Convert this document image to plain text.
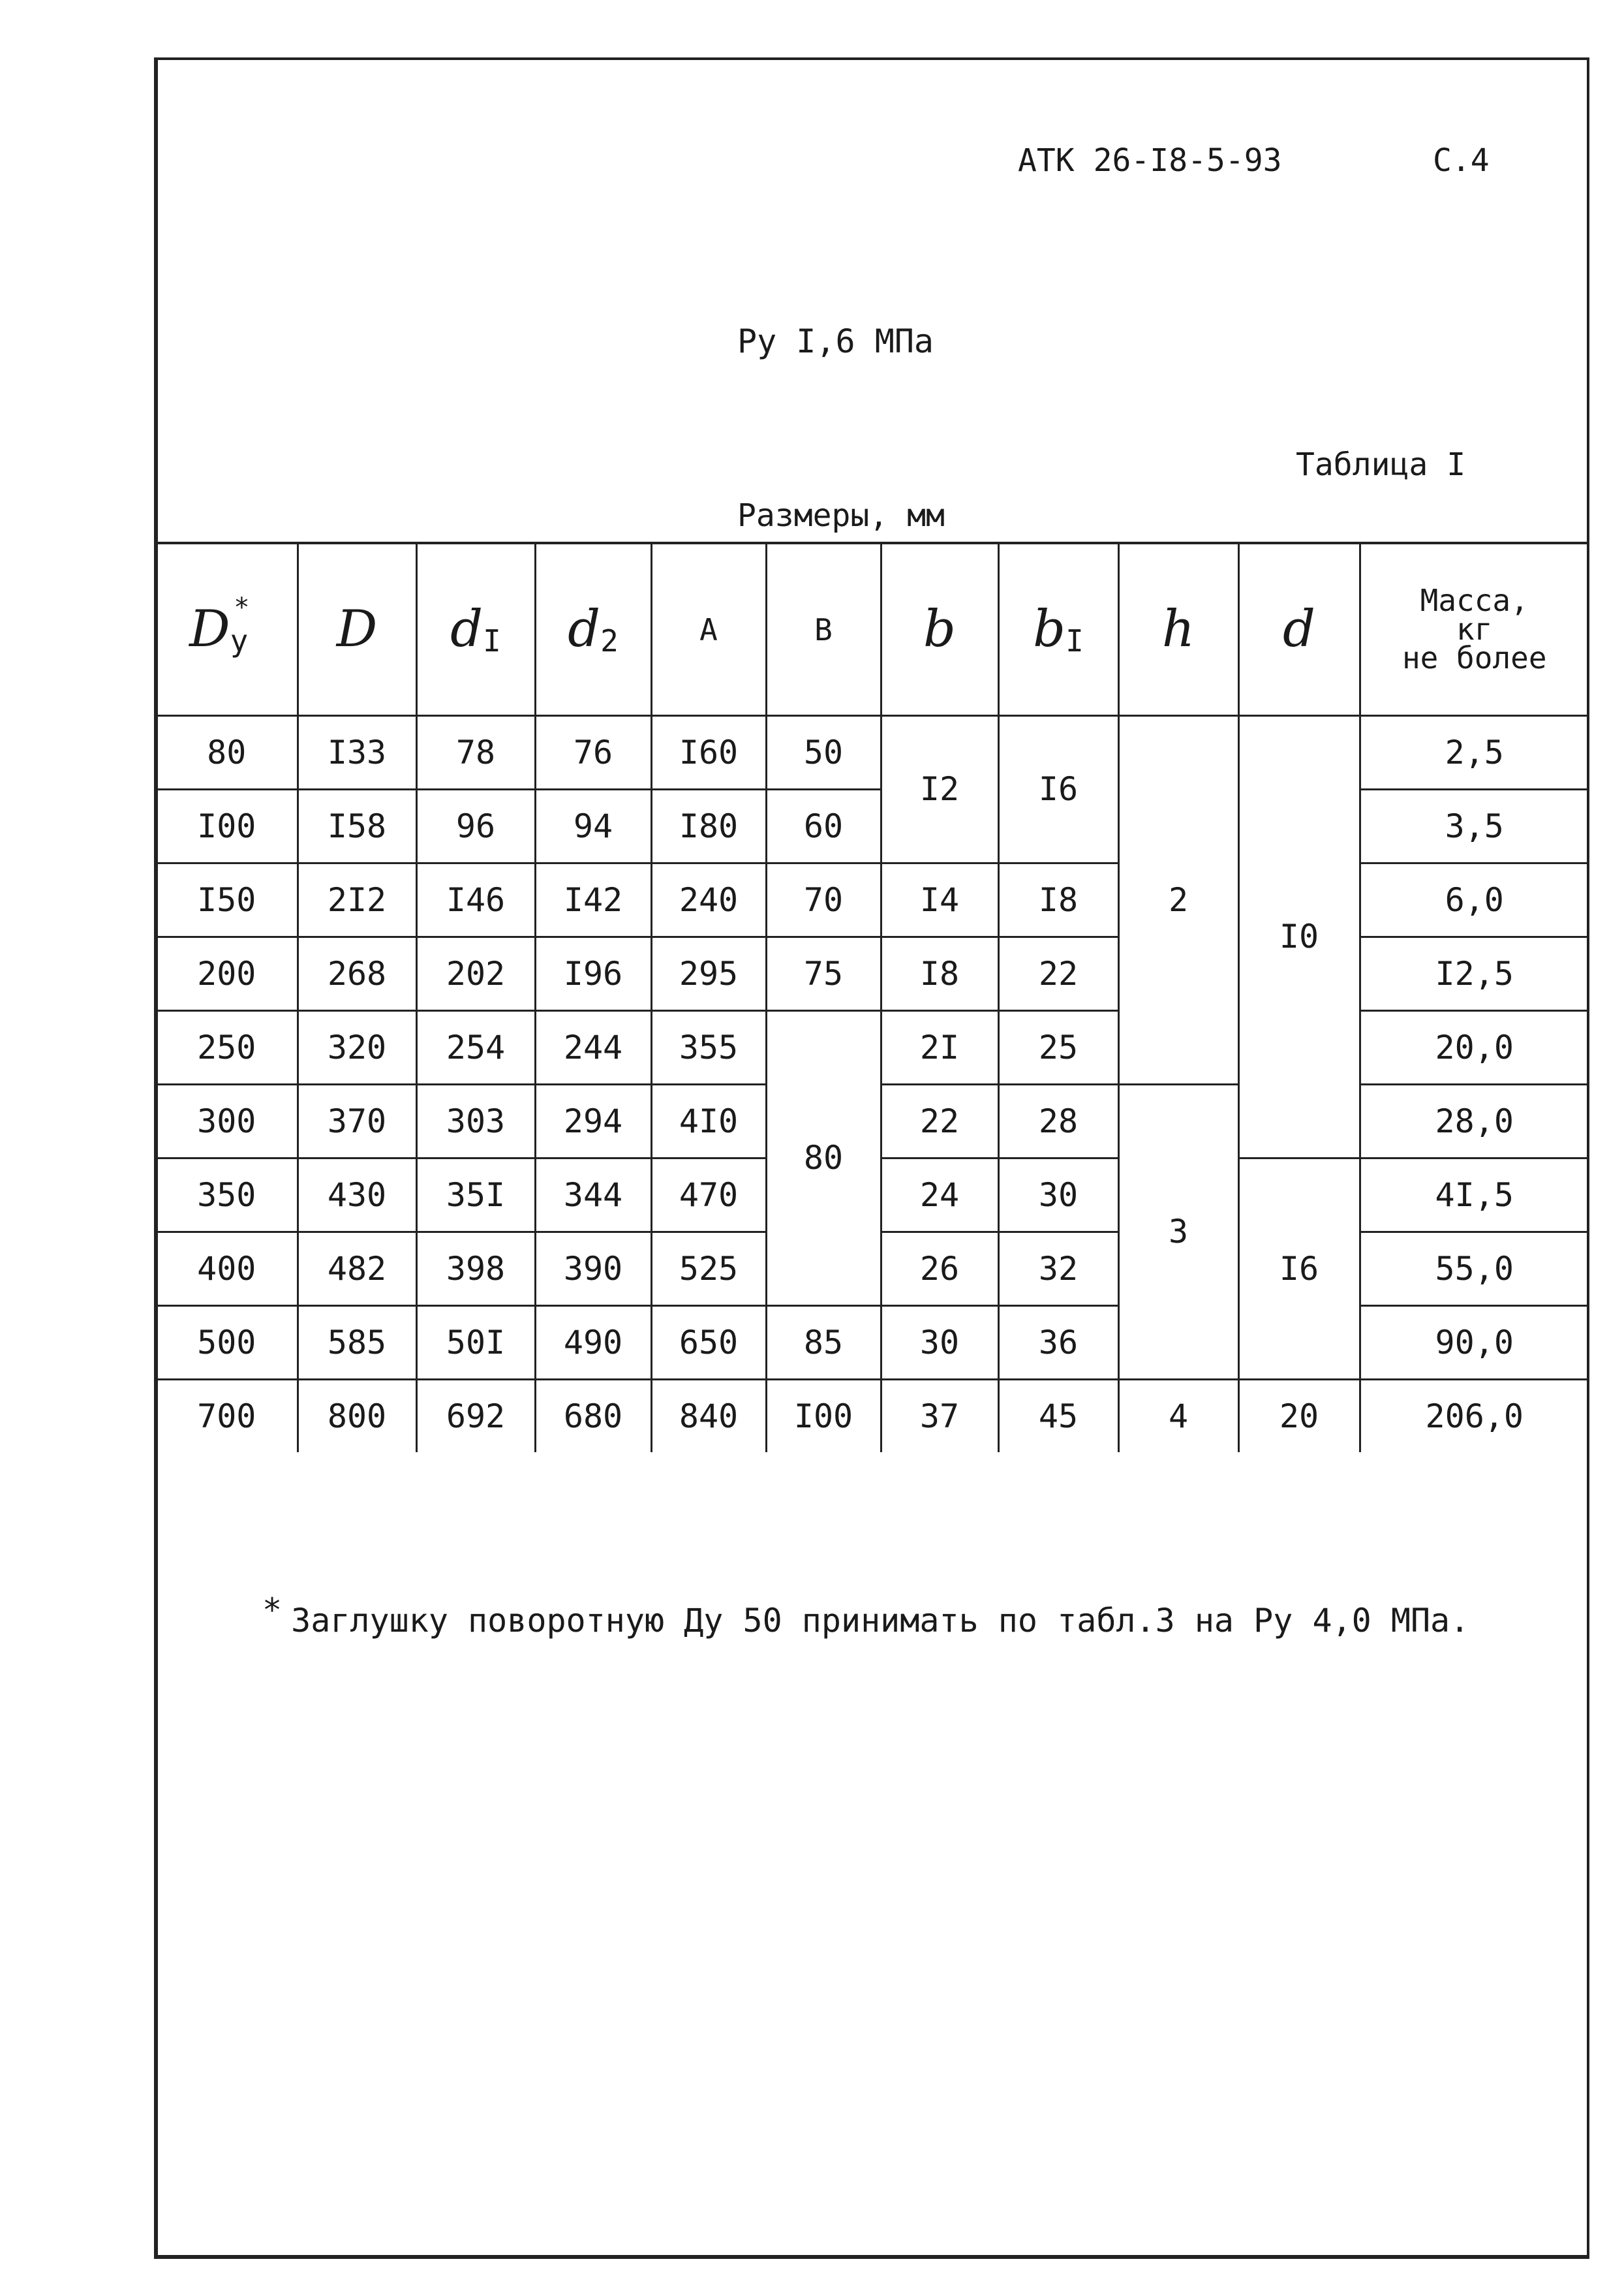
АТК 26-I8-5-93	С.4
Ру I,6 МПа
Таблица I
Размеры, мм
Dу*	D	dI	d2	A	B	b	bI	h	d	Масса,
кг
не более

80	I33	78	76	I60	50	I2	I6	2	I0	2,5
I00	I58	96	94	I80	60					3,5
I50	2I2	I46	I42	240	70	I4	I8			6,0
200	268	202	I96	295	75	I8	22			I2,5
250	320	254	244	355	80	2I	25			20,0
300	370	303	294	4I0		22	28	3		28,0
350	430	35I	344	470		24	30		I6	4I,5
400	482	398	390	525		26	32			55,0
500	585	50I	490	650	85	30	36			90,0
700	800	692	680	840	I00	37	45	4	20	206,0
* Заглушку поворотную Ду 50 принимать по табл.3 на Ру 4,0 МПа.
